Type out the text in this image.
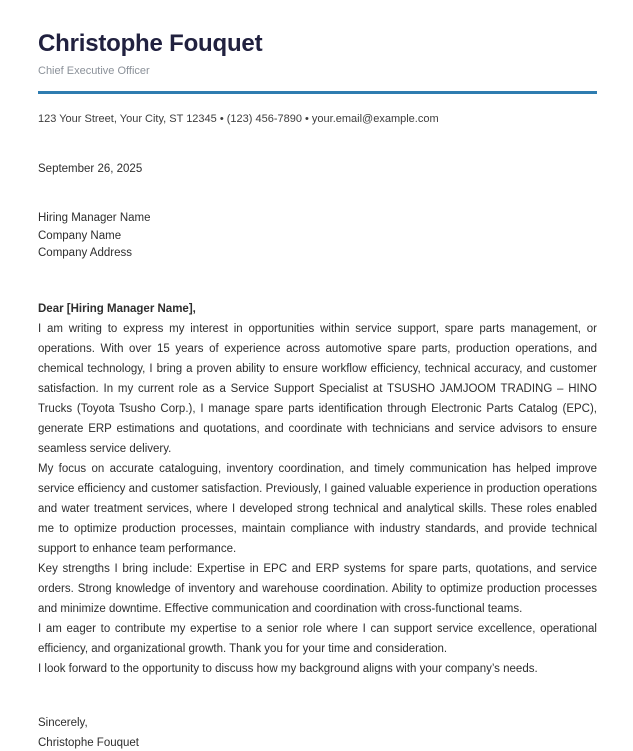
Christophe Fouquet
Chief Executive Officer
123 Your Street, Your City, ST 12345 • (123) 456-7890 • your.email@example.com
September 26, 2025
Hiring Manager Name
Company Name
Company Address

Dear [Hiring Manager Name],

I am writing to express my interest in opportunities within service support, spare parts management, or operations. With over 15 years of experience across automotive spare parts, production operations, and chemical technology, I bring a proven ability to ensure workflow efficiency, technical accuracy, and customer satisfaction. In my current role as a Service Support Specialist at TSUSHO JAMJOOM TRADING – HINO Trucks (Toyota Tsusho Corp.), I manage spare parts identification through Electronic Parts Catalog (EPC), generate ERP estimations and quotations, and coordinate with technicians and service advisors to ensure seamless service delivery.

My focus on accurate cataloguing, inventory coordination, and timely communication has helped improve service efficiency and customer satisfaction. Previously, I gained valuable experience in production operations and water treatment services, where I developed strong technical and analytical skills. These roles enabled me to optimize production processes, maintain compliance with industry standards, and provide technical support to enhance team performance.

Key strengths I bring include: Expertise in EPC and ERP systems for spare parts, quotations, and service orders. Strong knowledge of inventory and warehouse coordination. Ability to optimize production processes and minimize downtime. Effective communication and coordination with cross-functional teams.

I am eager to contribute my expertise to a senior role where I can support service excellence, operational efficiency, and organizational growth. Thank you for your time and consideration.

I look forward to the opportunity to discuss how my background aligns with your company’s needs.

Sincerely,
Christophe Fouquet
